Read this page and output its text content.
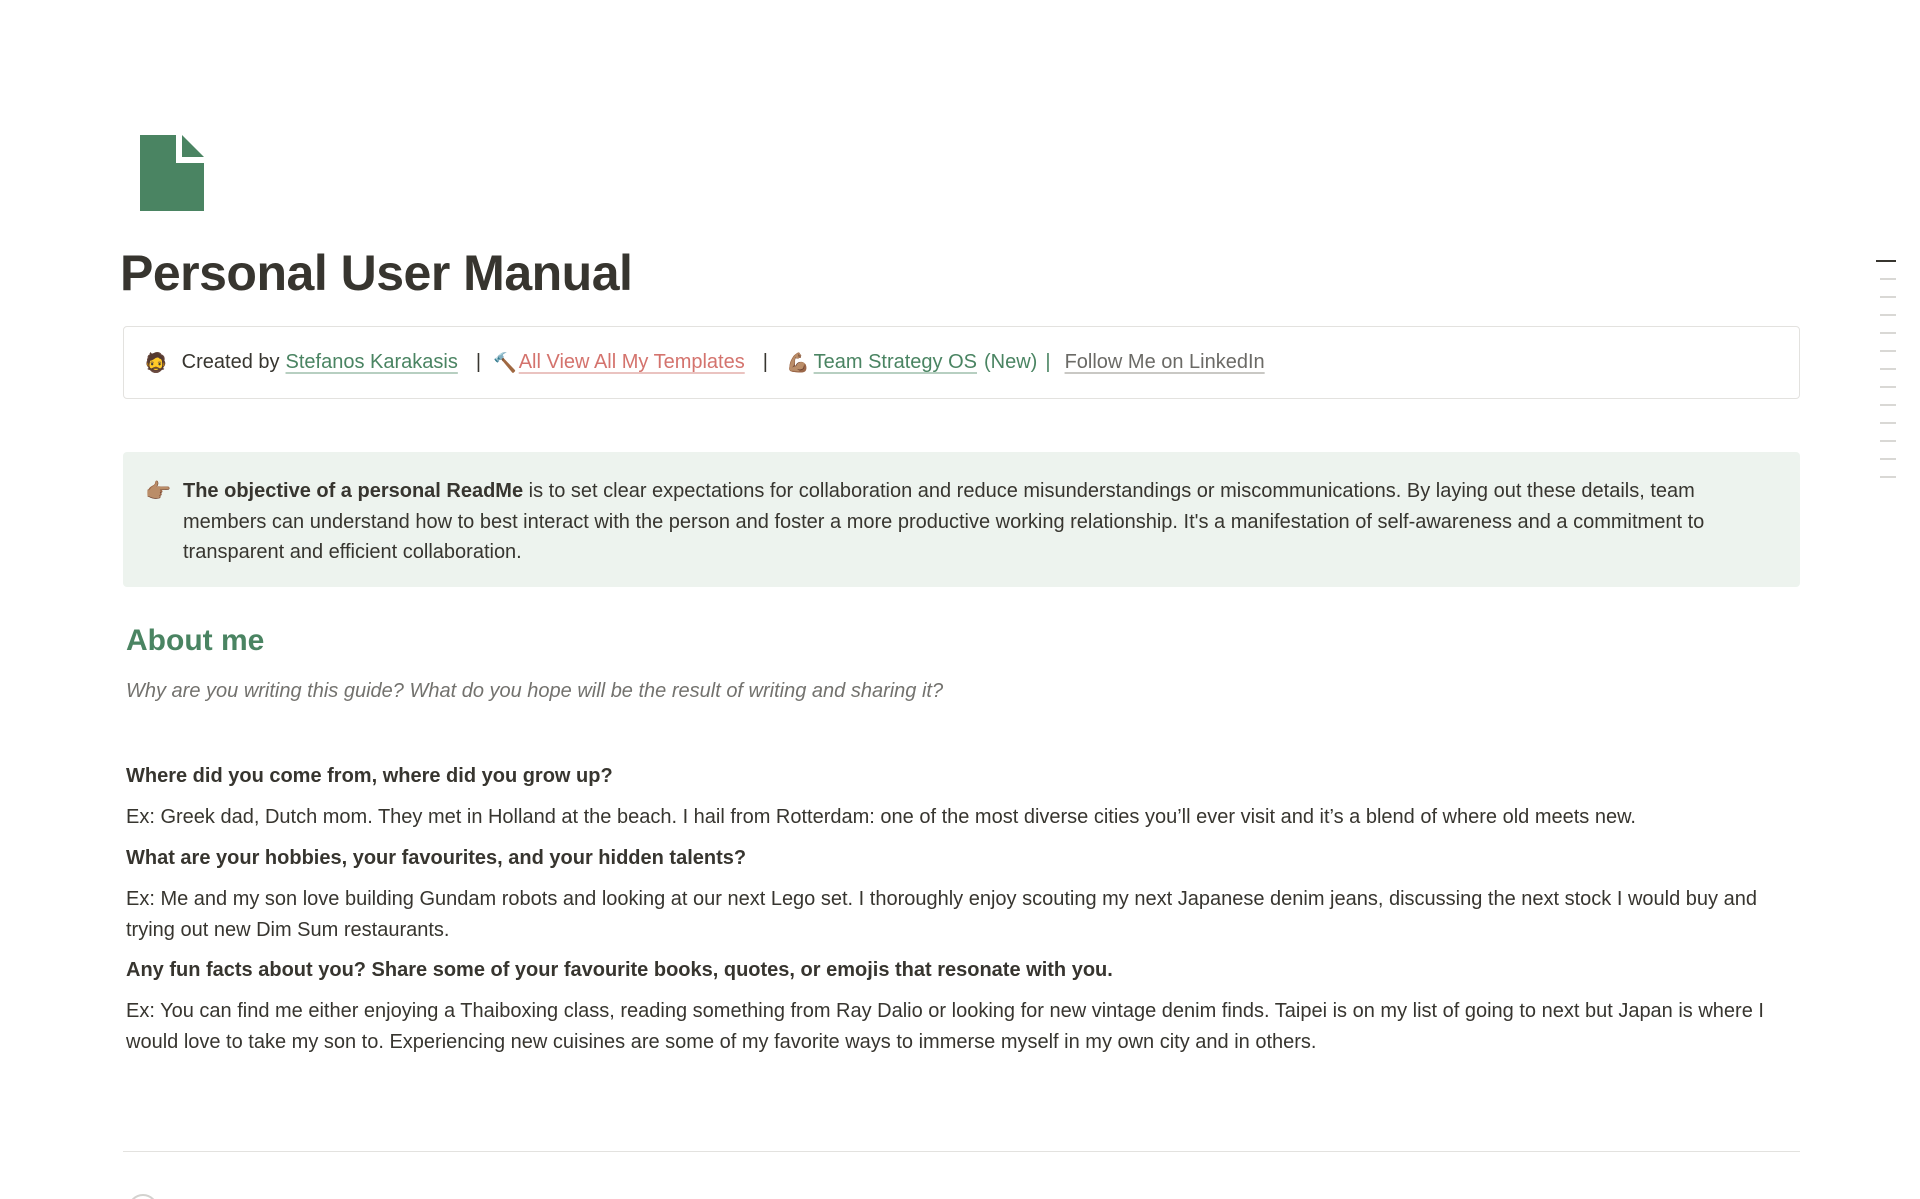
Personal User Manual
🧔 Created by Stefanos Karakasis | 🔨 All View All My Templates | 💪🏽 Team Strategy OS (New) | Follow Me on LinkedIn
👉🏽 The objective of a personal ReadMe is to set clear expectations for collaboration and reduce misunderstandings or miscommunications. By laying out these details, team members can understand how to best interact with the person and foster a more productive working relationship. It's a manifestation of self-awareness and a commitment to transparent and efficient collaboration.
About me
Why are you writing this guide? What do you hope will be the result of writing and sharing it?

Where did you come from, where did you grow up?

Ex: Greek dad, Dutch mom. They met in Holland at the beach. I hail from Rotterdam: one of the most diverse cities you’ll ever visit and it’s a blend of where old meets new.

What are your hobbies, your favourites, and your hidden talents?

Ex: Me and my son love building Gundam robots and looking at our next Lego set. I thoroughly enjoy scouting my next Japanese denim jeans, discussing the next stock I would buy and trying out new Dim Sum restaurants.

Any fun facts about you? Share some of your favourite books, quotes, or emojis that resonate with you.

Ex: You can find me either enjoying a Thaiboxing class, reading something from Ray Dalio or looking for new vintage denim finds. Taipei is on my list of going to next but Japan is where I would love to take my son to. Experiencing new cuisines are some of my favorite ways to immerse myself in my own city and in others.
